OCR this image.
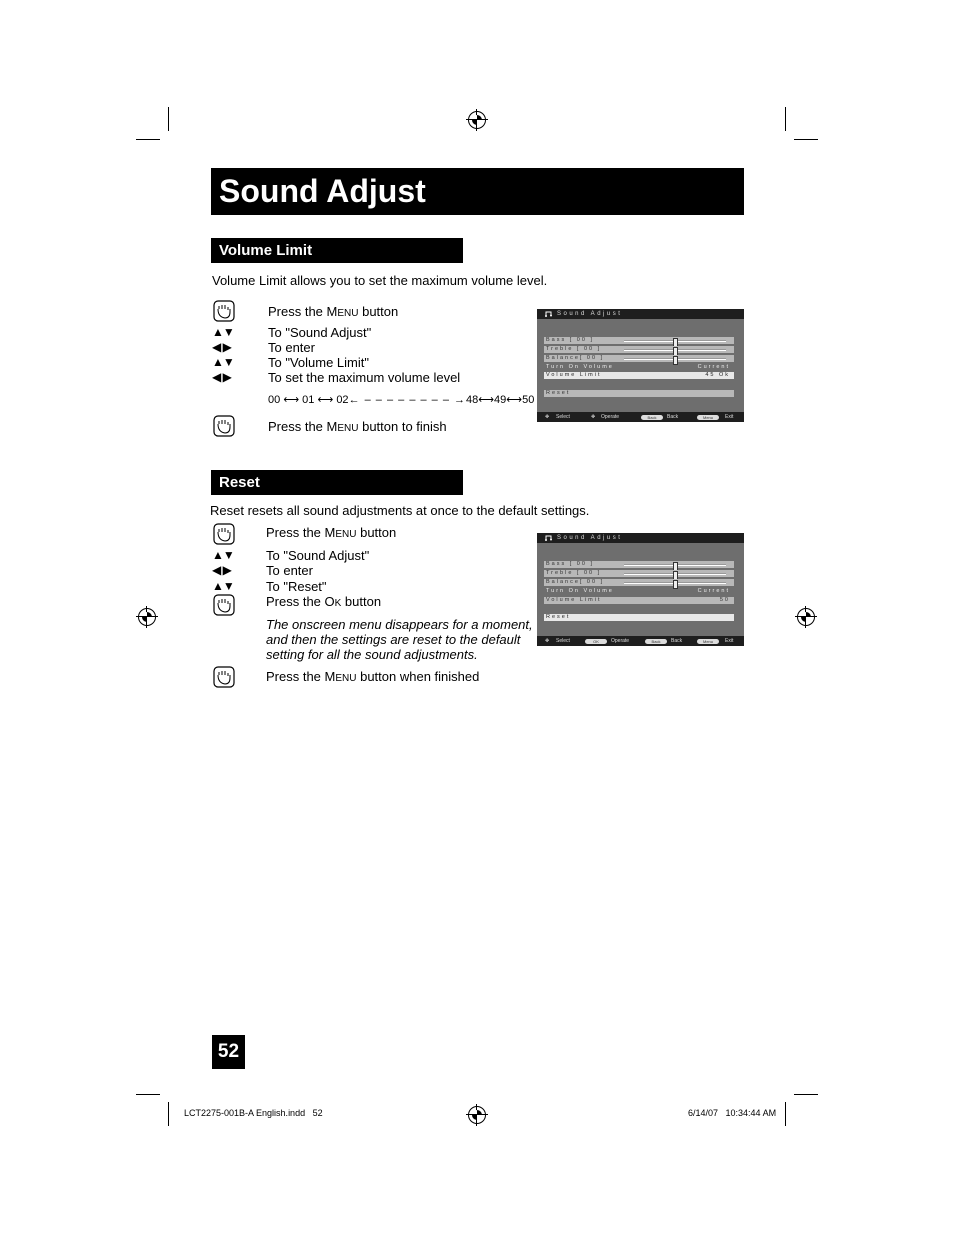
Sound Adjust
Volume Limit
Volume Limit allows you to set the maximum volume level.
Press the MENU button
▲▼	To "Sound Adjust"
◀ ▶	To enter
▲▼	To "Volume Limit"
◀ ▶	To set the maximum volume level
00 ⟷ 01 ⟷ 02← – – – – – – – – →48⟷49⟷50
Press the MENU button to finish
Sound Adjust
Bass [ 00 ]
Treble [ 00 ]
Balance[ 00 ]
Turn On Volume	Current
Volume Limit	45 Ok
Reset
✥ Select	✥ Operate	Back	Back	Menu	Exit
Reset
Reset resets all sound adjustments at once to the default settings.
Press the MENU button
▲▼ To "Sound Adjust"
◀ ▶	To enter
▲▼ To "Reset"
Press the OK button
The onscreen menu disappears for a moment,
and then the settings are reset to the default
setting for all the sound adjustments.
Press the MENU button when finished
Sound Adjust
Bass [ 00 ]
Treble [ 00 ]
Balance[ 00 ]
Turn On Volume	Current
Volume Limit	50
Reset
✥ Select	OK	Operate	Back	Back	Menu	Exit
52
LCT2275-001B-A English.indd   52	6/14/07   10:34:44 AM
